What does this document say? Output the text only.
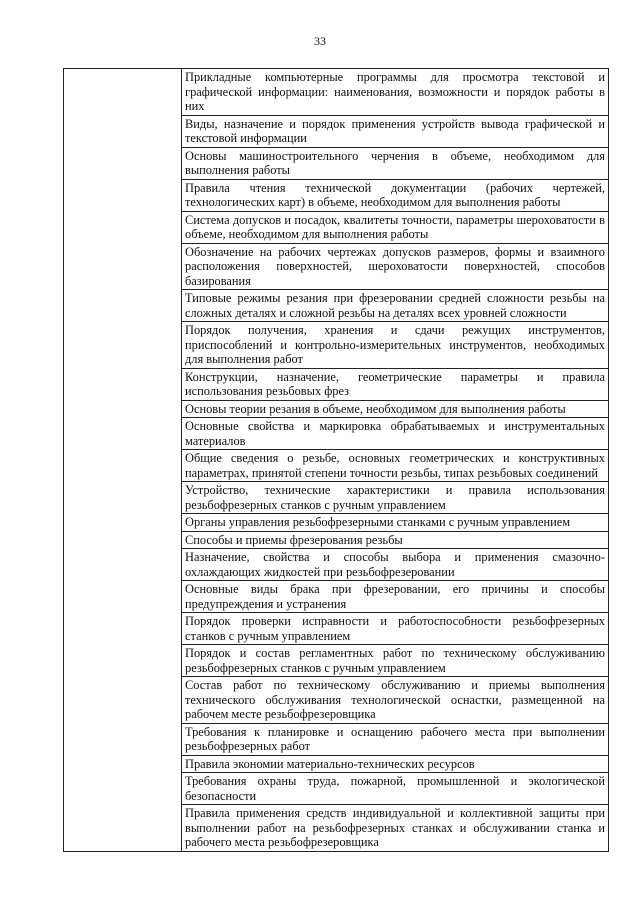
33
	Прикладные компьютерные программы для просмотра текстовой и графической информации: наименования, возможности и порядок работы в них
Виды, назначение и порядок применения устройств вывода графической и текстовой информации
Основы машиностроительного черчения в объеме, необходимом для выполнения работы
Правила чтения технической документации (рабочих чертежей, технологических карт) в объеме, необходимом для выполнения работы
Система допусков и посадок, квалитеты точности, параметры шероховатости в объеме, необходимом для выполнения работы
Обозначение на рабочих чертежах допусков размеров, формы и взаимного расположения поверхностей, шероховатости поверхностей, способов базирования
Типовые режимы резания при фрезеровании средней сложности резьбы на сложных деталях и сложной резьбы на деталях всех уровней сложности
Порядок получения, хранения и сдачи режущих инструментов, приспособлений и контрольно-измерительных инструментов, необходимых для выполнения работ
Конструкции, назначение, геометрические параметры и правила использования резьбовых фрез
Основы теории резания в объеме, необходимом для выполнения работы
Основные свойства и маркировка обрабатываемых и инструментальных материалов
Общие сведения о резьбе, основных геометрических и конструктивных параметрах, принятой степени точности резьбы, типах резьбовых соединений
Устройство, технические характеристики и правила использования резьбофрезерных станков с ручным управлением
Органы управления резьбофрезерными станками с ручным управлением
Способы и приемы фрезерования резьбы
Назначение, свойства и способы выбора и применения смазочно-охлаждающих жидкостей при резьбофрезеровании
Основные виды брака при фрезеровании, его причины и способы предупреждения и устранения
Порядок проверки исправности и работоспособности резьбофрезерных станков с ручным управлением
Порядок и состав регламентных работ по техническому обслуживанию резьбофрезерных станков с ручным управлением
Состав работ по техническому обслуживанию и приемы выполнения технического обслуживания технологической оснастки, размещенной на рабочем месте резьбофрезеровщика
Требования к планировке и оснащению рабочего места при выполнении резьбофрезерных работ
Правила экономии материально-технических ресурсов
Требования охраны труда, пожарной, промышленной и экологической безопасности
Правила применения средств индивидуальной и коллективной защиты при выполнении работ на резьбофрезерных станках и обслуживании станка и рабочего места резьбофрезеровщика
